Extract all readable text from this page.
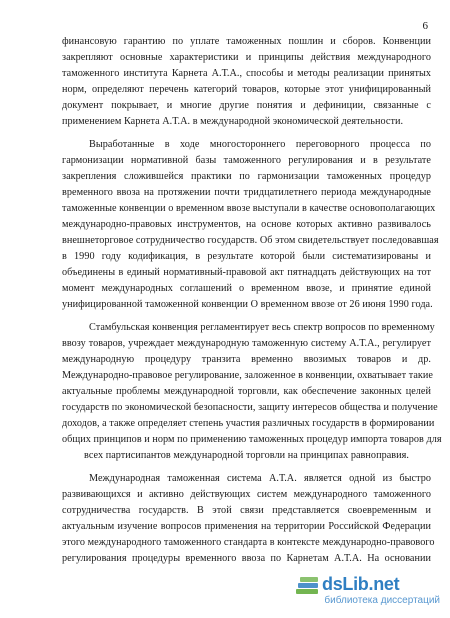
6
финансовую гарантию по уплате таможенных пошлин и сборов. Конвенции
закрепляют основные характеристики и принципы действия международного
таможенного института Карнета А.Т.А., способы и методы реализации принятых
норм, определяют перечень категорий товаров, которые этот унифицированный
документ покрывает, и многие другие понятия и дефиниции, связанные с
применением Карнета А.Т.А. в международной экономической деятельности.
Выработанные в ходе многостороннего переговорного процесса по
гармонизации нормативной базы таможенного регулирования и в результате
закрепления сложившейся практики по гармонизации таможенных процедур
временного ввоза на протяжении почти тридцатилетнего периода международные
таможенные конвенции о временном ввозе выступали в качестве основополагающих
международно-правовых инструментов, на основе которых активно развивалось
внешнеторговое сотрудничество государств. Об этом свидетельствует последовавшая
в 1990 году кодификация, в результате которой были систематизированы и
объединены в единый нормативный-правовой акт пятнадцать действующих на тот
момент международных соглашений о временном ввозе, и принятие единой
унифицированной таможенной конвенции О временном ввозе от 26 июня 1990 года.
Стамбульская конвенция регламентирует весь спектр вопросов по временному
ввозу товаров, учреждает международную таможенную систему А.Т.А., регулирует
международную процедуру транзита временно ввозимых товаров и др.
Международно-правовое регулирование, заложенное в конвенции, охватывает такие
актуальные проблемы международной торговли, как обеспечение законных целей
государств по экономической безопасности, защиту интересов общества и получение
доходов, а также определяет степень участия различных государств в формировании
общих принципов и норм по применению таможенных процедур импорта товаров для
всех партисипантов международной торговли на принципах равноправия.
Международная таможенная система А.Т.А. является одной из быстро
развивающихся и активно действующих систем международного таможенного
сотрудничества государств. В этой связи представляется своевременным и
актуальным изучение вопросов применения на территории Российской Федерации
этого международного таможенного стандарта в контексте международно-правового
регулирования процедуры временного ввоза по Карнетам А.Т.А. На основании
dsLib.net
библиотека диссертаций
